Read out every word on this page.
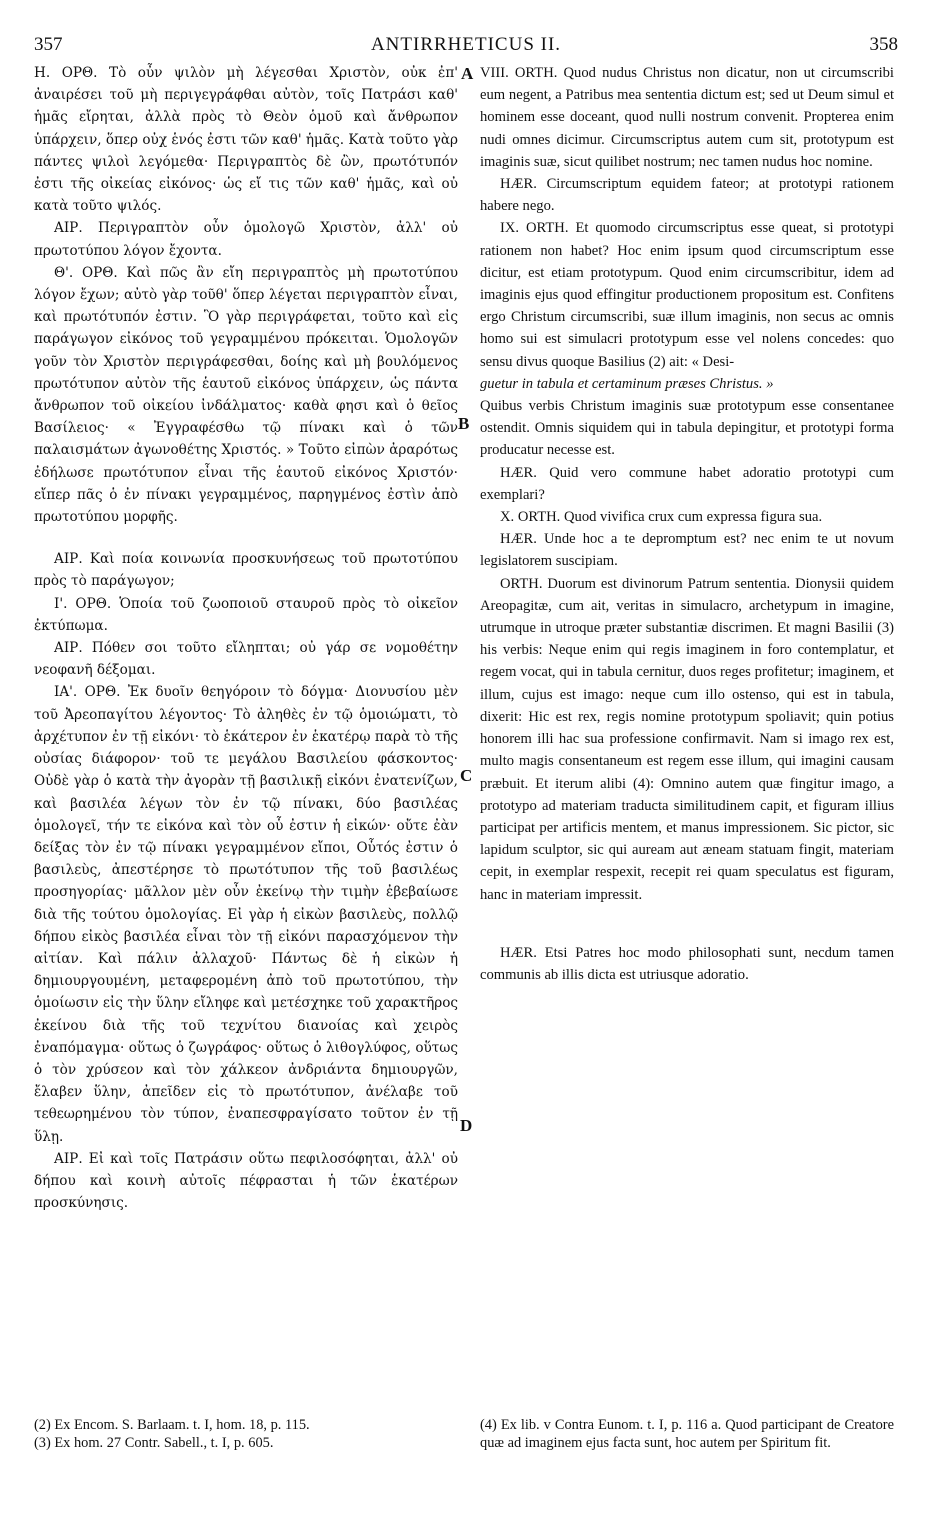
357	ANTIRRHETICUS II.	358
A
B
C
D

Η. ΟΡΘ. Τὸ οὖν ψιλὸν μὴ λέγεσθαι Χριστὸν, οὐκ ἐπ' ἀναιρέσει τοῦ μὴ περιγεγράφθαι αὐτὸν, τοῖς Πατράσι καθ' ἡμᾶς εἴρηται, ἀλλὰ πρὸς τὸ Θεὸν ὁμοῦ καὶ ἄνθρωπον ὑπάρχειν, ὅπερ οὐχ ἑνός ἐστι τῶν καθ' ἡμᾶς. Κατὰ τοῦτο γὰρ πάντες ψιλοὶ λεγόμεθα· Περιγραπτὸς δὲ ὢν, πρωτότυπόν ἐστι τῆς οἰκείας εἰκόνος· ὡς εἴ τις τῶν καθ' ἡμᾶς, καὶ οὐ κατὰ τοῦτο ψιλός.

ΑΙΡ. Περιγραπτὸν οὖν ὁμολογῶ Χριστὸν, ἀλλ' οὐ πρωτοτύπου λόγον ἔχοντα.

Θ'. ΟΡΘ. Καὶ πῶς ἂν εἴη περιγραπτὸς μὴ πρωτοτύπου λόγον ἔχων; αὐτὸ γὰρ τοῦθ' ὅπερ λέγεται περιγραπτὸν εἶναι, καὶ πρωτότυπόν ἐστιν. Ὃ γὰρ περιγράφεται, τοῦτο καὶ εἰς παράγωγον εἰκόνος τοῦ γεγραμμένου πρόκειται. Ὁμολογῶν γοῦν τὸν Χριστὸν περιγράφεσθαι, δοίης καὶ μὴ βουλόμενος πρωτότυπον αὐτὸν τῆς ἑαυτοῦ εἰκόνος ὑπάρχειν, ὡς πάντα ἄνθρωπον τοῦ οἰκείου ἰνδάλματος· καθὰ φησι καὶ ὁ θεῖος Βασίλειος· « Ἐγγραφέσθω τῷ πίνακι καὶ ὁ τῶν παλαισμάτων ἀγωνοθέτης Χριστός. » Τοῦτο εἰπὼν ἀραρότως ἐδήλωσε πρωτότυπον εἶναι τῆς ἑαυτοῦ εἰκόνος Χριστόν· εἴπερ πᾶς ὁ ἐν πίνακι γεγραμμένος, παρηγμένος ἐστὶν ἀπὸ πρωτοτύπου μορφῆς.

ΑΙΡ. Καὶ ποία κοινωνία προσκυνήσεως τοῦ πρωτοτύπου πρὸς τὸ παράγωγον;

Ι'. ΟΡΘ. Ὁποία τοῦ ζωοποιοῦ σταυροῦ πρὸς τὸ οἰκεῖον ἐκτύπωμα.

ΑΙΡ. Πόθεν σοι τοῦτο εἴληπται; οὐ γάρ σε νομοθέτην νεοφανῆ δέξομαι.

ΙΑ'. ΟΡΘ. Ἐκ δυοῖν θεηγόροιν τὸ δόγμα· Διονυσίου μὲν τοῦ Ἀρεοπαγίτου λέγοντος· Τὸ ἀληθὲς ἐν τῷ ὁμοιώματι, τὸ ἀρχέτυπον ἐν τῇ εἰκόνι· τὸ ἑκάτερον ἐν ἑκατέρῳ παρὰ τὸ τῆς οὐσίας διάφορον· τοῦ τε μεγάλου Βασιλείου φάσκοντος· Οὐδὲ γὰρ ὁ κατὰ τὴν ἀγορὰν τῇ βασιλικῇ εἰκόνι ἐνατενίζων, καὶ βασιλέα λέγων τὸν ἐν τῷ πίνακι, δύο βασιλέας ὁμολογεῖ, τήν τε εἰκόνα καὶ τὸν οὗ ἐστιν ἡ εἰκών· οὔτε ἐὰν δείξας τὸν ἐν τῷ πίνακι γεγραμμένον εἴποι, Οὗτός ἐστιν ὁ βασιλεὺς, ἀπεστέρησε τὸ πρωτότυπον τῆς τοῦ βασιλέως προσηγορίας· μᾶλλον μὲν οὖν ἐκείνῳ τὴν τιμὴν ἐβεβαίωσε διὰ τῆς τούτου ὁμολογίας. Εἰ γὰρ ἡ εἰκὼν βασιλεὺς, πολλῷ δήπου εἰκὸς βασιλέα εἶναι τὸν τῇ εἰκόνι παρασχόμενον τὴν αἰτίαν. Καὶ πάλιν ἀλλαχοῦ· Πάντως δὲ ἡ εἰκὼν ἡ δημιουργουμένη, μεταφερομένη ἀπὸ τοῦ πρωτοτύπου, τὴν ὁμοίωσιν εἰς τὴν ὕλην εἴληφε καὶ μετέσχηκε τοῦ χαρακτῆρος ἐκείνου διὰ τῆς τοῦ τεχνίτου διανοίας καὶ χειρὸς ἐναπόμαγμα· οὕτως ὁ ζωγράφος· οὕτως ὁ λιθογλύφος, οὕτως ὁ τὸν χρύσεον καὶ τὸν χάλκεον ἀνδριάντα δημιουργῶν, ἔλαβεν ὕλην, ἀπεῖδεν εἰς τὸ πρωτότυπον, ἀνέλαβε τοῦ τεθεωρημένου τὸν τύπον, ἐναπεσφραγίσατο τοῦτον ἐν τῇ ὕλῃ.

ΑΙΡ. Εἰ καὶ τοῖς Πατράσιν οὕτω πεφιλοσόφηται, ἀλλ' οὐ δήπου καὶ κοινὴ αὐτοῖς πέφρασται ἡ τῶν ἑκατέρων προσκύνησις.

VIII. ORTH. Quod nudus Christus non dicatur, non ut circumscribi eum negent, a Patribus mea sententia dictum est; sed ut Deum simul et hominem esse doceant, quod nulli nostrum convenit. Propterea enim nudi omnes dicimur. Circumscriptus autem cum sit, prototypum est imaginis suæ, sicut quilibet nostrum; nec tamen nudus hoc nomine.

HÆR. Circumscriptum equidem fateor; at prototypi rationem habere nego.

IX. ORTH. Et quomodo circumscriptus esse queat, si prototypi rationem non habet? Hoc enim ipsum quod circumscriptum esse dicitur, est etiam prototypum. Quod enim circumscribitur, idem ad imaginis ejus quod effingitur productionem propositum est. Confitens ergo Christum circumscribi, suæ illum imaginis, non secus ac omnis homo sui est simulacri prototypum esse vel nolens concedes: quo sensu divus quoque Basilius (2) ait: « Desi-

guetur in tabula et certaminum præses Christus. »

Quibus verbis Christum imaginis suæ prototypum esse consentanee ostendit. Omnis siquidem qui in tabula depingitur, et prototypi forma producatur necesse est.

HÆR. Quid vero commune habet adoratio prototypi cum exemplari?

X. ORTH. Quod vivifica crux cum expressa figura sua.

HÆR. Unde hoc a te depromptum est? nec enim te ut novum legislatorem suscipiam.

ORTH. Duorum est divinorum Patrum sententia. Dionysii quidem Areopagitæ, cum ait, veritas in simulacro, archetypum in imagine, utrumque in utroque præter substantiæ discrimen. Et magni Basilii (3) his verbis: Neque enim qui regis imaginem in foro contemplatur, et regem vocat, qui in tabula cernitur, duos reges profitetur; imaginem, et illum, cujus est imago: neque cum illo ostenso, qui est in tabula, dixerit: Hic est rex, regis nomine prototypum spoliavit; quin potius honorem illi hac sua professione confirmavit. Nam si imago rex est, multo magis consentaneum est regem esse illum, qui imagini causam præbuit. Et iterum alibi (4): Omnino autem quæ fingitur imago, a prototypo ad materiam traducta similitudinem capit, et figuram illius participat per artificis mentem, et manus impressionem. Sic pictor, sic lapidum sculptor, sic qui auream aut æneam statuam fingit, materiam cepit, in exemplar respexit, recepit rei quam speculatus est figuram, hanc in materiam impressit.

HÆR. Etsi Patres hoc modo philosophati sunt, necdum tamen communis ab illis dicta est utriusque adoratio.

(2) Ex Encom. S. Barlaam. t. I, hom. 18, p. 115.

(3) Ex hom. 27 Contr. Sabell., t. I, p. 605.

(4) Ex lib. v Contra Eunom. t. I, p. 116 a. Quod participant de Creatore quæ ad imaginem ejus facta sunt, hoc autem per Spiritum fit.
